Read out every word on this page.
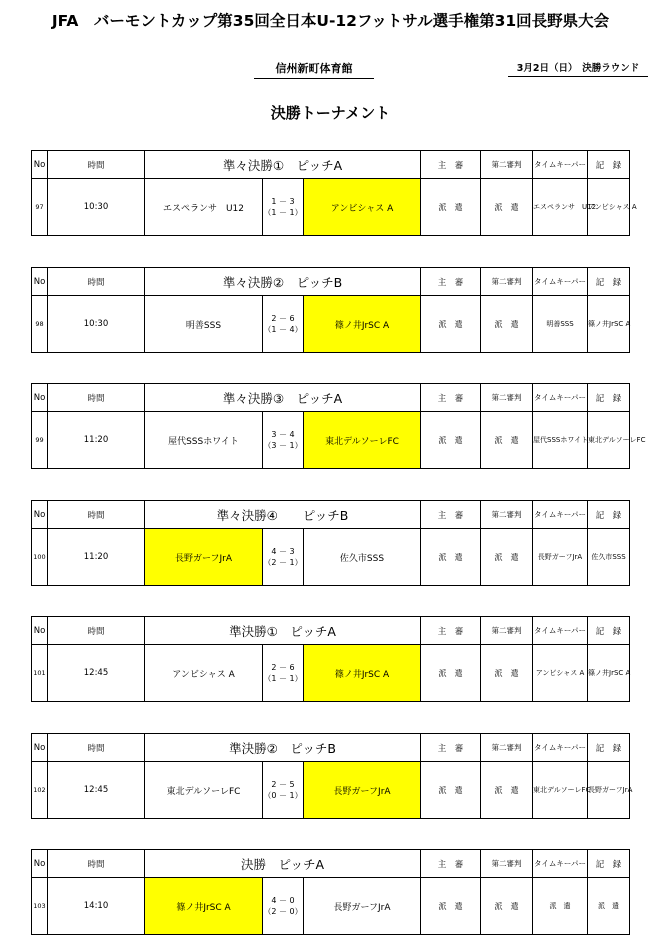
JFA　バーモントカップ第35回全日本U-12フットサル選手権第31回長野県大会
信州新町体育館	3月2日（日）　決勝ラウンド
決勝トーナメント
No	時間	準々決勝①　ピッチA			主　審	第二審判	タイムキーパー	記　録
97	10:30	エスペランサ　U12	1 － 3
（1 － 1）	アンビシャス A	派　遣	派　遣	エスペランサ　U12	アンビシャス A
No	時間	準々決勝②　ピッチB			主　審	第二審判	タイムキーパー	記　録
98	10:30	明善SSS	2 － 6
（1 － 4）	篠ノ井JrSC A	派　遣	派　遣	明善SSS	篠ノ井JrSC A
No	時間	準々決勝③　ピッチA			主　審	第二審判	タイムキーパー	記　録
99	11:20	屋代SSSホワイト	3 － 4
（3 － 1）	東北デルソーレFC	派　遣	派　遣	屋代SSSホワイト	東北デルソーレFC
No	時間	準々決勝④　　ピッチB			主　審	第二審判	タイムキーパー	記　録
100	11:20	長野ガーフJrA	4 － 3
（2 － 1）	佐久市SSS	派　遣	派　遣	長野ガーフJrA	佐久市SSS
No	時間	準決勝①　ピッチA			主　審	第二審判	タイムキーパー	記　録
101	12:45	アンビシャス A	2 － 6
（1 － 1）	篠ノ井JrSC A	派　遣	派　遣	アンビシャス A	篠ノ井JrSC A
No	時間	準決勝②　ピッチB			主　審	第二審判	タイムキーパー	記　録
102	12:45	東北デルソーレFC	2 － 5
（0 － 1）	長野ガーフJrA	派　遣	派　遣	東北デルソーレFC	長野ガーフJrA
No	時間	決勝　ピッチA			主　審	第二審判	タイムキーパー	記　録
103	14:10	篠ノ井JrSC A	4 － 0
（2 － 0）	長野ガーフJrA	派　遣	派　遣	派　遣	派　遣
